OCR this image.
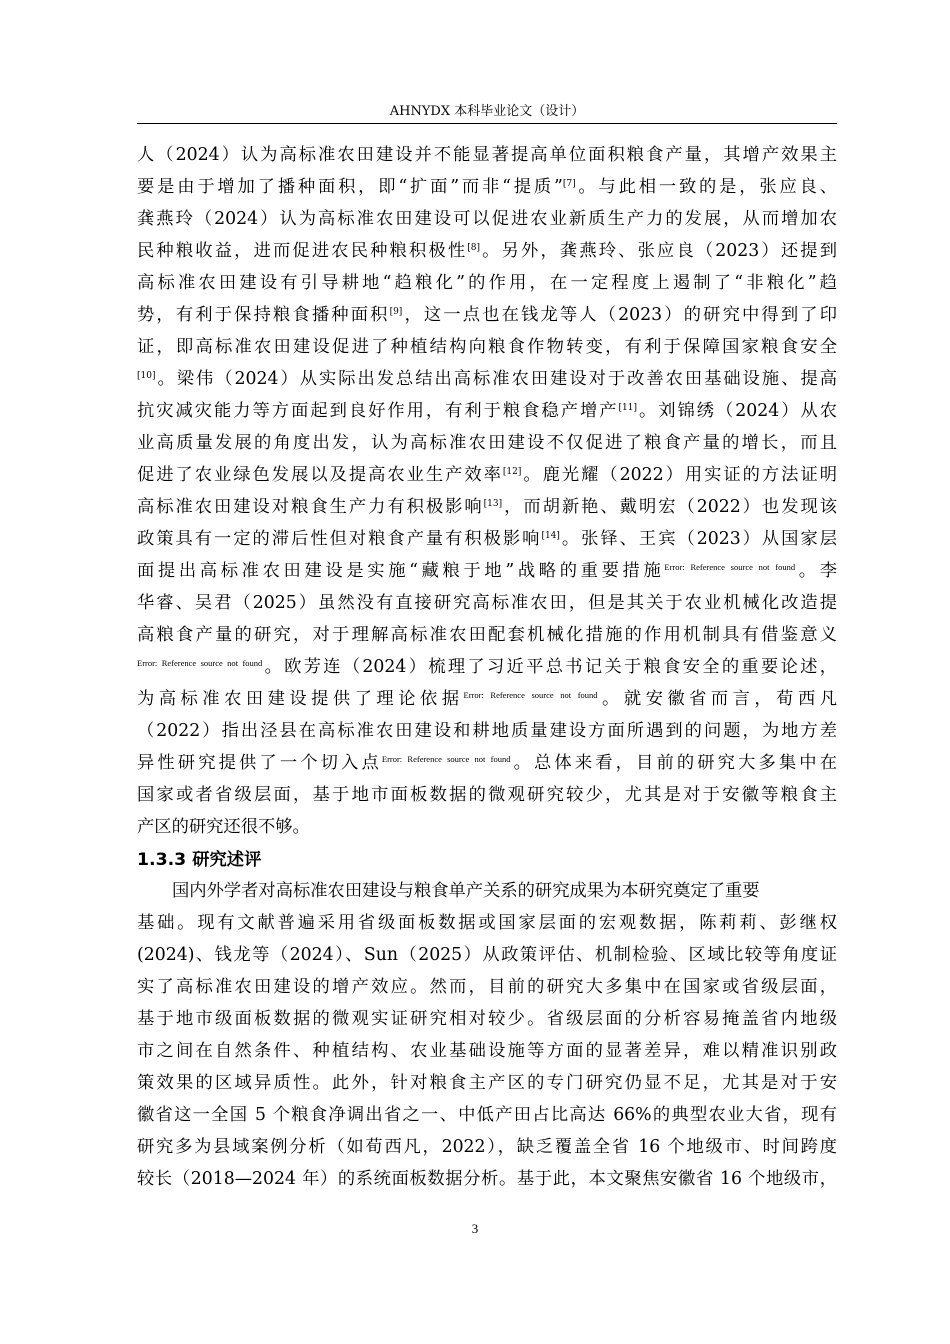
AHNYDX 本科毕业论文（设计）
人（2024）认为高标准农田建设并不能显著提高单位面积粮食产量，其增产效果主
要是由于增加了播种面积，即“扩面”而非“提质”[7]。与此相一致的是，张应良、
龚燕玲（2024）认为高标准农田建设可以促进农业新质生产力的发展，从而增加农
民种粮收益，进而促进农民种粮积极性[8]。另外，龚燕玲、张应良（2023）还提到
高标准农田建设有引导耕地“趋粮化”的作用，在一定程度上遏制了“非粮化”趋
势，有利于保持粮食播种面积[9]，这一点也在钱龙等人（2023）的研究中得到了印
证，即高标准农田建设促进了种植结构向粮食作物转变，有利于保障国家粮食安全
[10]。梁伟（2024）从实际出发总结出高标准农田建设对于改善农田基础设施、提高
抗灾减灾能力等方面起到良好作用，有利于粮食稳产增产[11]。刘锦绣（2024）从农
业高质量发展的角度出发，认为高标准农田建设不仅促进了粮食产量的增长，而且
促进了农业绿色发展以及提高农业生产效率[12]。鹿光耀（2022）用实证的方法证明
高标准农田建设对粮食生产力有积极影响[13]，而胡新艳、戴明宏（2022）也发现该
政策具有一定的滞后性但对粮食产量有积极影响[14]。张铎、王宾（2023）从国家层
面提出高标准农田建设是实施“藏粮于地”战略的重要措施$^{Error: Reference source not found}$。李
华睿、吴君（2025）虽然没有直接研究高标准农田，但是其关于农业机械化改造提
高粮食产量的研究，对于理解高标准农田配套机械化措施的作用机制具有借鉴意义
$^{Error: Reference source not found}$。欧芳连（2024）梳理了习近平总书记关于粮食安全的重要论述，
为高标准农田建设提供了理论依据$^{Error: Reference source not found}$。就安徽省而言，荀西凡
（2022）指出泾县在高标准农田建设和耕地质量建设方面所遇到的问题，为地方差
异性研究提供了一个切入点$^{Error: Reference source not found}$。总体来看，目前的研究大多集中在
国家或者省级层面，基于地市面板数据的微观研究较少，尤其是对于安徽等粮食主
产区的研究还很不够。
1.3.3 研究述评
国内外学者对高标准农田建设与粮食单产关系的研究成果为本研究奠定了重要
基础。现有文献普遍采用省级面板数据或国家层面的宏观数据，陈莉莉、彭继权
(2024)、钱龙等（2024）、Sun（2025）从政策评估、机制检验、区域比较等角度证
实了高标准农田建设的增产效应。然而，目前的研究大多集中在国家或省级层面，
基于地市级面板数据的微观实证研究相对较少。省级层面的分析容易掩盖省内地级
市之间在自然条件、种植结构、农业基础设施等方面的显著差异，难以精准识别政
策效果的区域异质性。此外，针对粮食主产区的专门研究仍显不足，尤其是对于安
徽省这一全国 5 个粮食净调出省之一、中低产田占比高达 66%的典型农业大省，现有
研究多为县域案例分析（如荀西凡，2022），缺乏覆盖全省 16 个地级市、时间跨度
较长（2018—2024 年）的系统面板数据分析。基于此，本文聚焦安徽省 16 个地级市，
3
